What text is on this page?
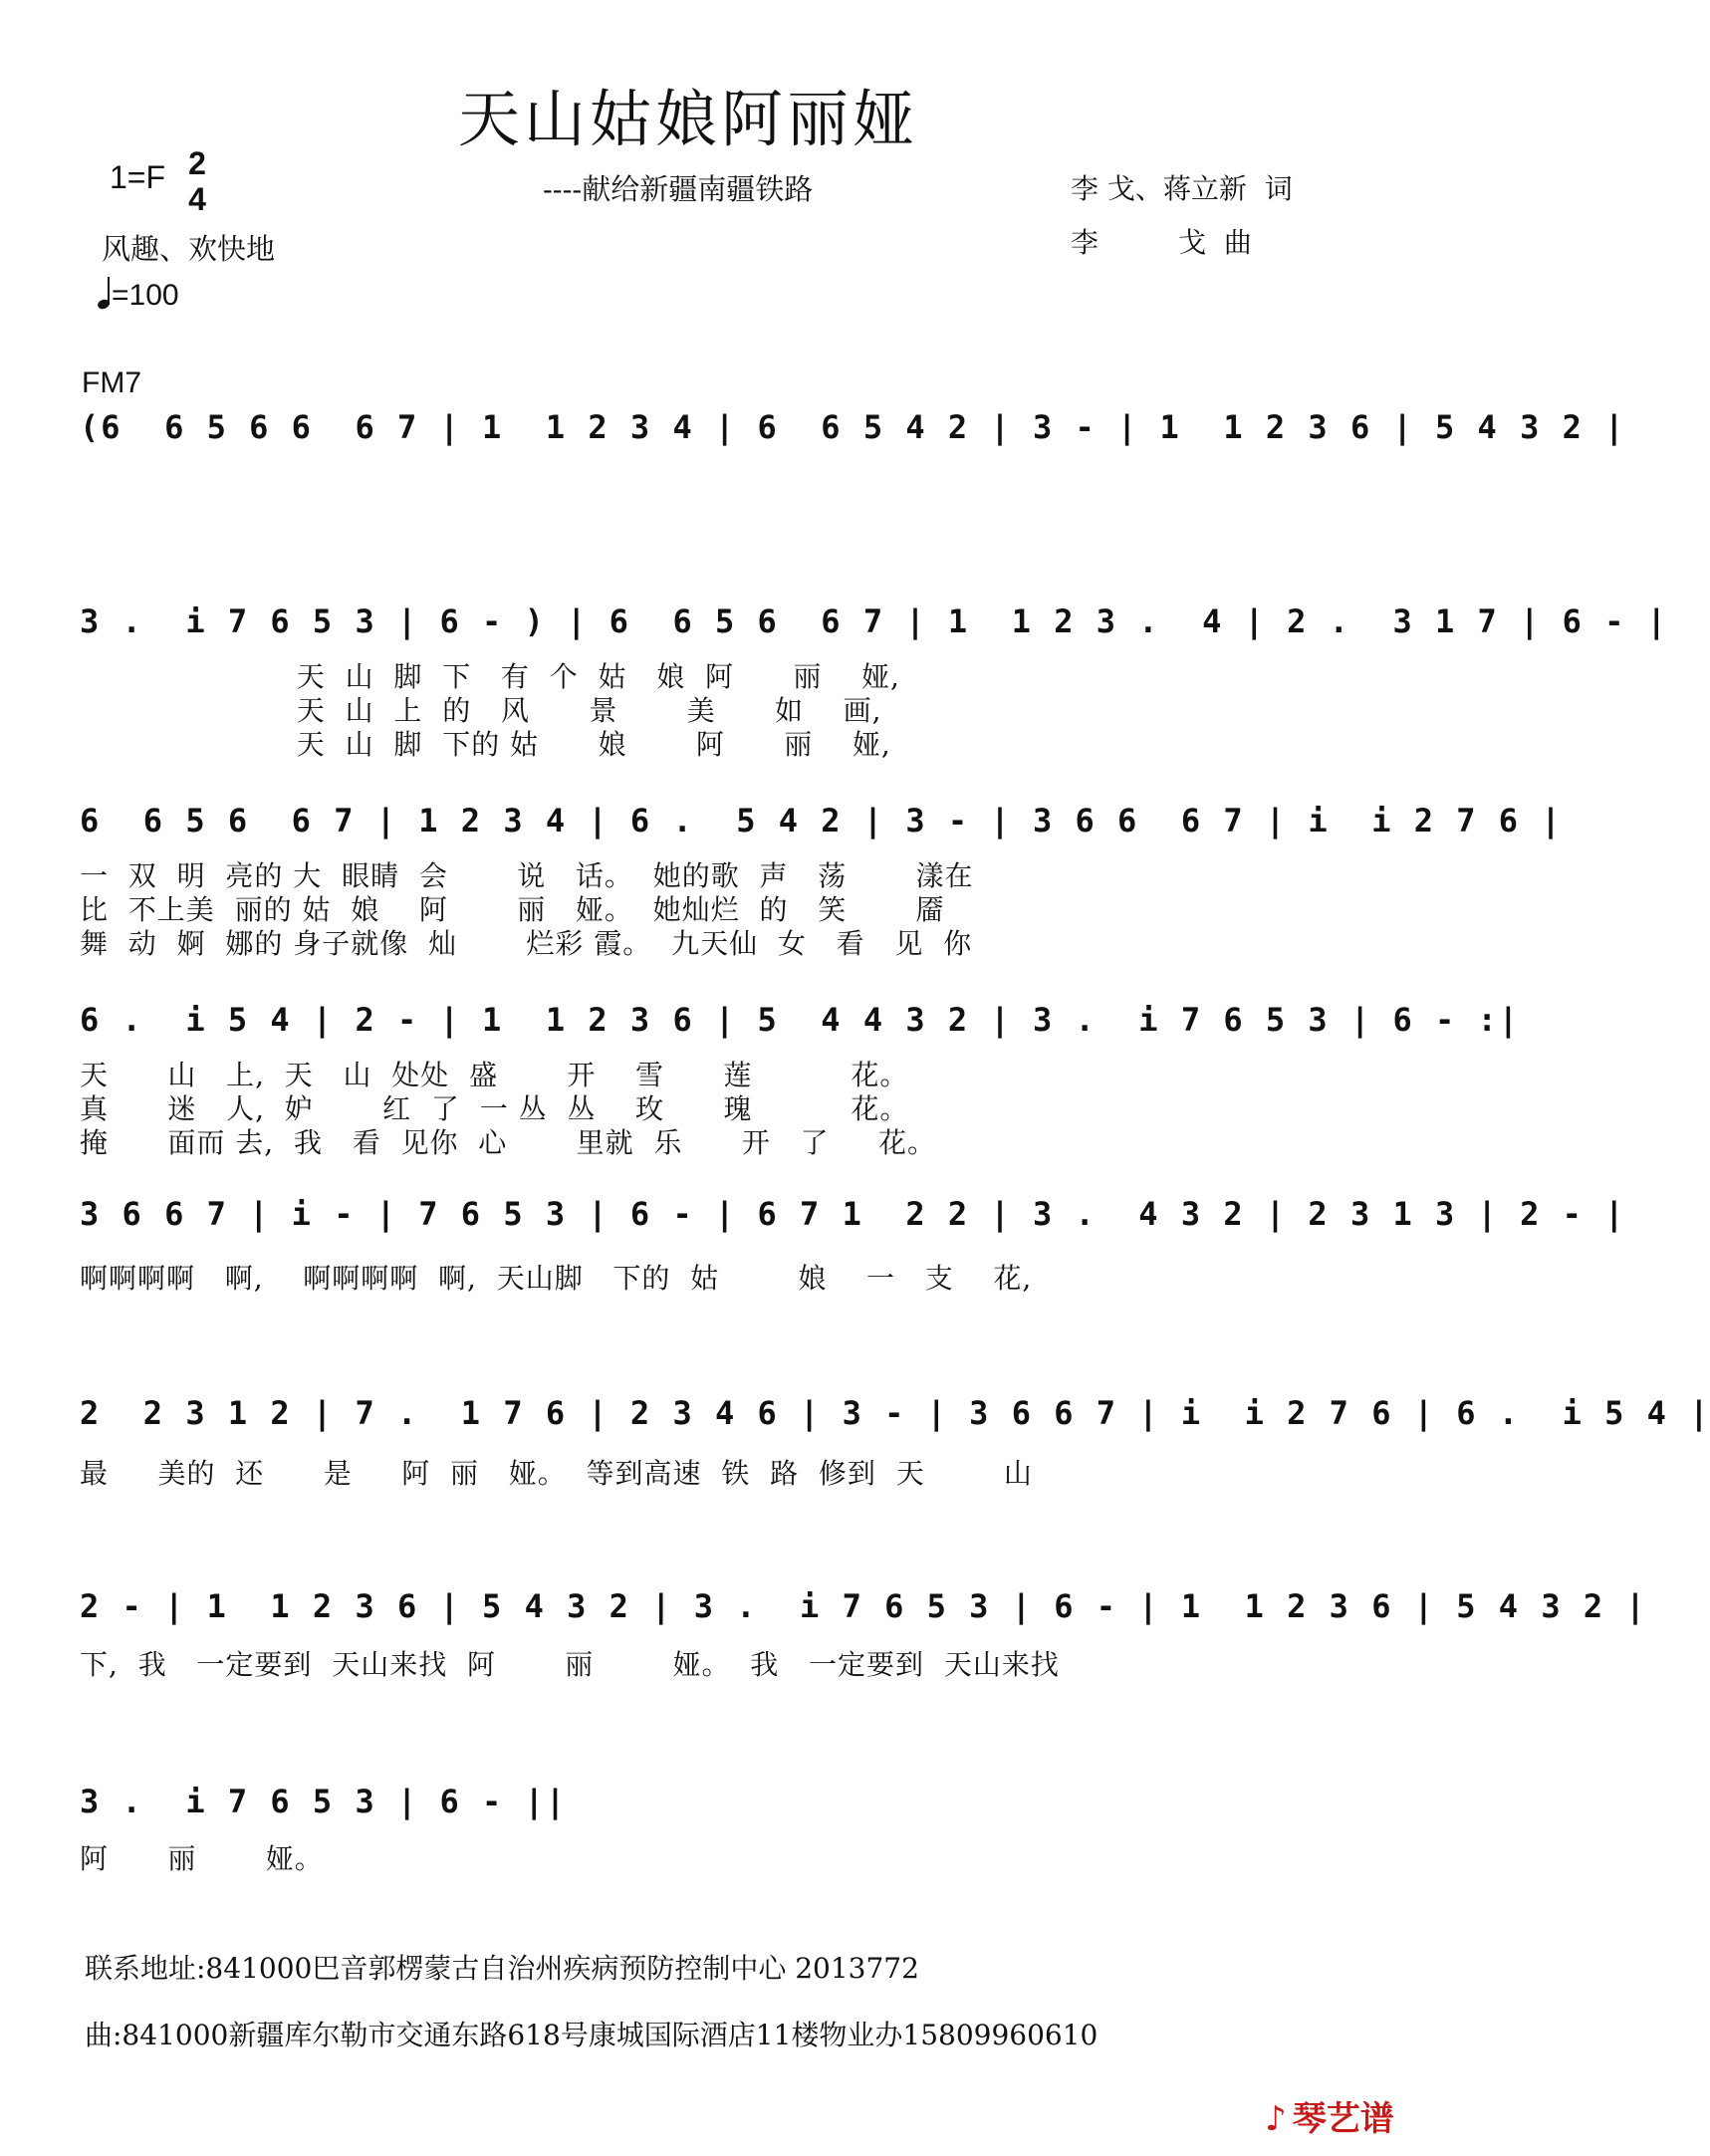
天山姑娘阿丽娅
1=F 2
4	----献给新疆南疆铁路	李 戈、蒋立新  词
李         戈  曲
风趣、欢快地
=100
FM7
(6  6 5 6 6  6 7 | 1  1 2 3 4 | 6  6 5 4 2 | 3 - | 1  1 2 3 6 | 5 4 3 2 |
3 .  i 7 6 5 3 | 6 - ) | 6  6 5 6  6 7 | 1  1 2 3 .  4 | 2 .  3 1 7 | 6 - |
天  山  脚  下   有  个  姑   娘  阿      丽    娅,
天  山  上  的   风      景       美      如    画,
天  山  脚  下的 姑      娘       阿      丽    娅,
6  6 5 6  6 7 | 1 2 3 4 | 6 .  5 4 2 | 3 - | 3 6 6  6 7 | i  i 2 7 6 |
一  双  明  亮的 大  眼睛  会       说   话。  她的歌  声   荡       漾在
比  不上美  丽的 姑  娘    阿       丽   娅。  她灿烂  的   笑       靥
舞  动  婀  娜的 身子就像  灿       烂彩 霞。  九天仙  女   看   见  你
6 .  i 5 4 | 2 - | 1  1 2 3 6 | 5  4 4 3 2 | 3 .  i 7 6 5 3 | 6 - :|
天      山   上,  天   山  处处  盛       开    雪      莲          花。
真      迷   人,  妒       红  了  一 丛  丛    玫      瑰          花。
掩      面而 去,  我   看  见你  心       里就  乐      开   了     花。
3 6 6 7 | i - | 7 6 5 3 | 6 - | 6 7 1  2 2 | 3 .  4 3 2 | 2 3 1 3 | 2 - |
啊啊啊啊   啊,    啊啊啊啊  啊,  天山脚   下的  姑        娘    一   支    花,
2  2 3 1 2 | 7 .  1 7 6 | 2 3 4 6 | 3 - | 3 6 6 7 | i  i 2 7 6 | 6 .  i 5 4 |
最     美的  还      是     阿  丽   娅。  等到高速  铁  路  修到  天        山
2 - | 1  1 2 3 6 | 5 4 3 2 | 3 .  i 7 6 5 3 | 6 - | 1  1 2 3 6 | 5 4 3 2 |
下,  我   一定要到  天山来找  阿       丽        娅。  我   一定要到  天山来找
3 .  i 7 6 5 3 | 6 - ||
阿      丽       娅。
联系地址:841000巴音郭楞蒙古自治州疾病预防控制中心 2013772
曲:841000新疆库尔勒市交通东路618号康城国际酒店11楼物业办15809960610
♪ 琴艺谱
